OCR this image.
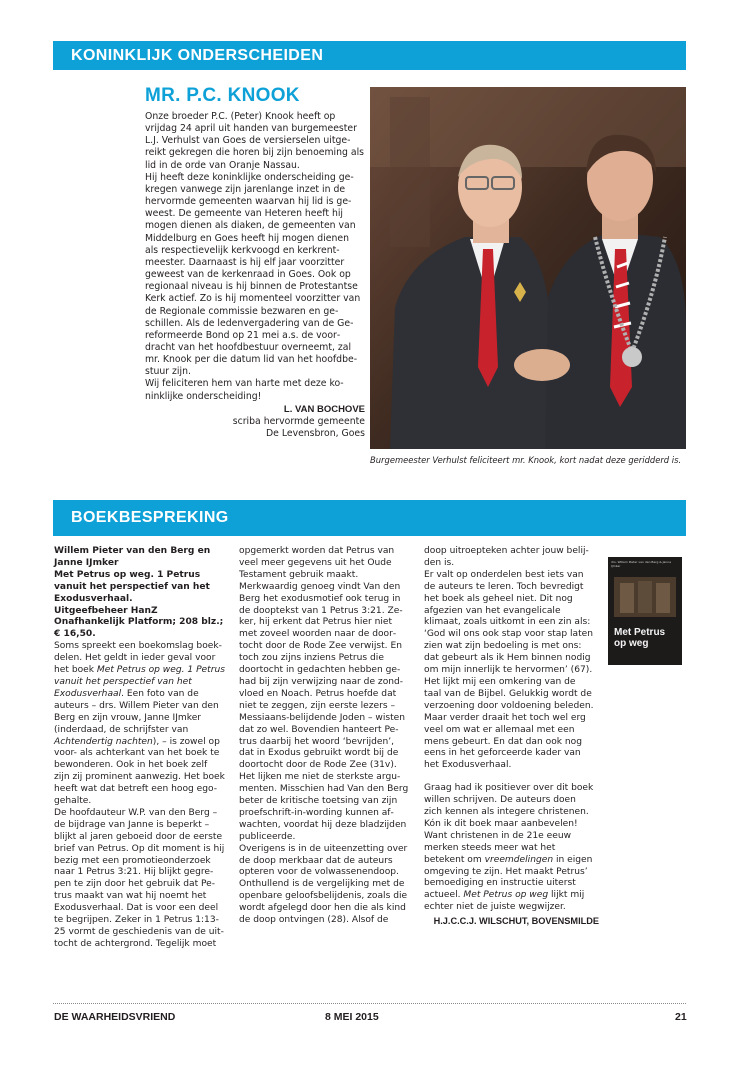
KONINKLIJK ONDERSCHEIDEN
MR. P.C. KNOOK
Onze broeder P.C. (Peter) Knook heeft op vrijdag 24 april uit handen van burgemeester L.J. Verhulst van Goes de versierselen uitgereikt gekregen die horen bij zijn benoeming als lid in de orde van Oranje Nassau.
Hij heeft deze koninklijke onderscheiding gekregen vanwege zijn jarenlange inzet in de hervormde gemeenten waarvan hij lid is geweest. De gemeente van Heteren heeft hij mogen dienen als diaken, de gemeenten van Middelburg en Goes heeft hij mogen dienen als respectievelijk kerkvoogd en kerkrentmeester. Daarnaast is hij elf jaar voorzitter geweest van de kerkenraad in Goes. Ook op regionaal niveau is hij binnen de Protestantse Kerk actief. Zo is hij momenteel voorzitter van de Regionale commissie bezwaren en geschillen. Als de ledenvergadering van de Gereformeerde Bond op 21 mei a.s. de voordracht van het hoofdbestuur overneemt, zal mr. Knook per die datum lid van het hoofdbestuur zijn.
Wij feliciteren hem van harte met deze koninklijke onderscheiding!
L. VAN BOCHOVE
scriba hervormde gemeente
De Levensbron, Goes
Burgemeester Verhulst feliciteert mr. Knook, kort nadat deze geridderd is.
BOEKBESPREKING

Willem Pieter van den Berg en Janne IJmker

Met Petrus op weg. 1 Petrus vanuit het perspectief van het Exodusverhaal.

Uitgeefbeheer HanZ Onafhankelijk Platform; 208 blz.; € 16,50.

Soms spreekt een boekomslag boekdelen. Het geldt in ieder geval voor het boek Met Petrus op weg. 1 Petrus vanuit het perspectief van het Exodusverhaal. Een foto van de auteurs – drs. Willem Pieter van den Berg en zijn vrouw, Janne IJmker (inderdaad, de schrijfster van Achtendertig nachten), – is zowel op voor- als achterkant van het boek te bewonderen. Ook in het boek zelf zijn zij prominent aanwezig. Het boek heeft wat dat betreft een hoog ego-gehalte.

De hoofdauteur W.P. van den Berg – de bijdrage van Janne is beperkt – blijkt al jaren geboeid door de eerste brief van Petrus. Op dit moment is hij bezig met een promotieonderzoek naar 1 Petrus 3:21. Hij blijkt gegrepen te zijn door het gebruik dat Petrus maakt van wat hij noemt het Exodusverhaal. Dat is voor een deel te begrijpen. Zeker in 1 Petrus 1:13-25 vormt de geschiedenis van de uittocht de achtergrond. Tegelijk moet

opgemerkt worden dat Petrus van veel meer gegevens uit het Oude Testament gebruik maakt.

Merkwaardig genoeg vindt Van den Berg het exodusmotief ook terug in de dooptekst van 1 Petrus 3:21. Zeker, hij erkent dat Petrus hier niet met zoveel woorden naar de doortocht door de Rode Zee verwijst. En toch zou zijns inziens Petrus die doortocht in gedachten hebben gehad bij zijn verwijzing naar de zondvloed en Noach. Petrus hoefde dat niet te zeggen, zijn eerste lezers – Messiaans-belijdende Joden – wisten dat zo wel. Bovendien hanteert Petrus daarbij het woord ‘bevrijden’, dat in Exodus gebruikt wordt bij de doortocht door de Rode Zee (31v). Het lijken me niet de sterkste argumenten. Misschien had Van den Berg beter de kritische toetsing van zijn proefschrift-in-wording kunnen afwachten, voordat hij deze bladzijden publiceerde.

Overigens is in de uiteenzetting over de doop merkbaar dat de auteurs opteren voor de volwassenendoop. Onthullend is de vergelijking met de openbare geloofsbelijdenis, zoals die wordt afgelegd door hen die als kind de doop ontvingen (28). Alsof de

doop uitroepteken achter jouw belijden is.

Er valt op onderdelen best iets van de auteurs te leren. Toch bevredigt het boek als geheel niet. Dit nog afgezien van het evangelicale klimaat, zoals uitkomt in een zin als: ‘God wil ons ook stap voor stap laten zien wat zijn bedoeling is met ons: dat gebeurt als ik Hem binnen nodig om mijn innerlijk te hervormen’ (67). Het lijkt mij een omkering van de taal van de Bijbel. Gelukkig wordt de verzoening door voldoening beleden. Maar verder draait het toch wel erg veel om wat er allemaal met een mens gebeurt. En dat dan ook nog eens in het geforceerde kader van het Exodusverhaal.

Graag had ik positiever over dit boek willen schrijven. De auteurs doen zich kennen als integere christenen. Kón ik dit boek maar aanbevelen!

Want christenen in de 21e eeuw merken steeds meer wat het betekent om vreemdelingen in eigen omgeving te zijn. Het maakt Petrus’ bemoediging en instructie uiterst actueel. Met Petrus op weg lijkt mij echter niet de juiste wegwijzer.

H.J.C.C.J. WILSCHUT, BOVENSMILDE
drs. Willem Pieter van den Berg & Janne IJmker
Met Petrus op weg
DE WAARHEIDSVRIEND	8 MEI 2015	21
